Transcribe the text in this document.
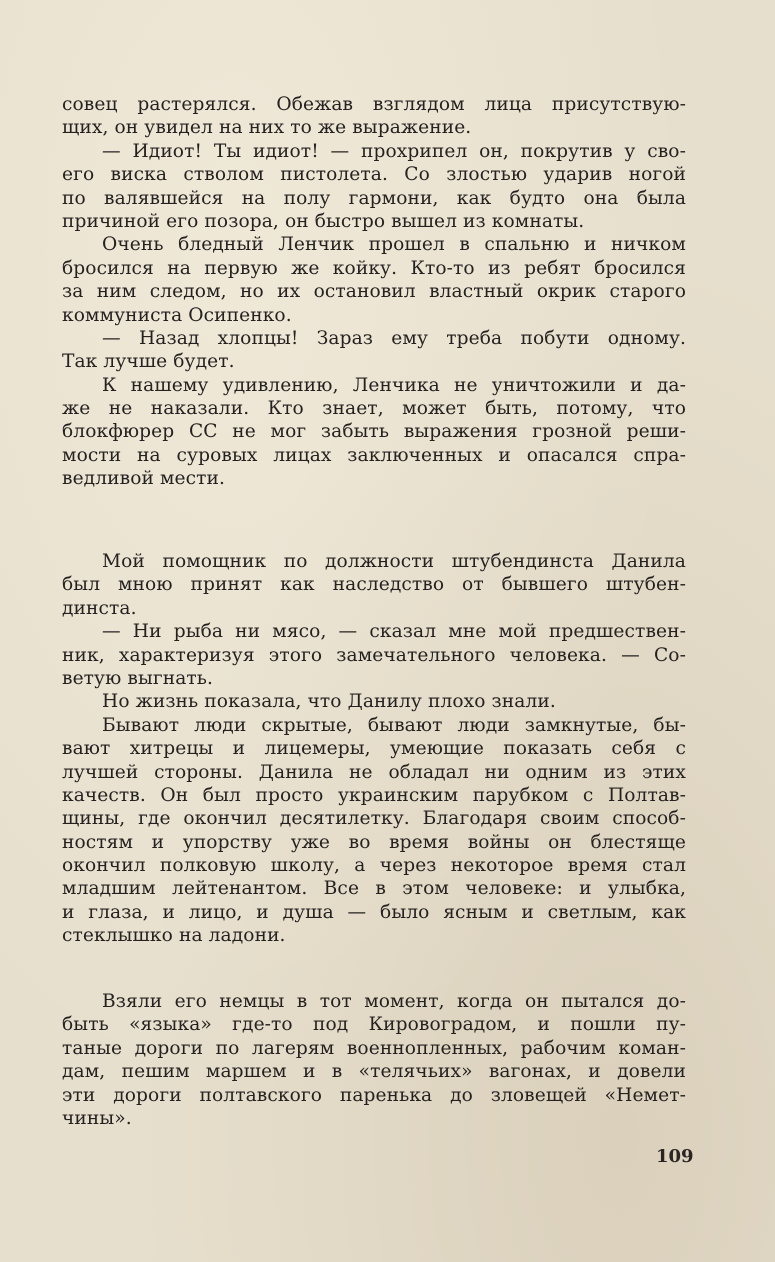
совец растерялся. Обежав взглядом лица присутствую-
щих, он увидел на них то же выражение.
— Идиот! Ты идиот! — прохрипел он, покрутив у сво-
его виска стволом пистолета. Со злостью ударив ногой
по валявшейся на полу гармони, как будто она была
причиной его позора, он быстро вышел из комнаты.
Очень бледный Ленчик прошел в спальню и ничком
бросился на первую же койку. Кто-то из ребят бросился
за ним следом, но их остановил властный окрик старого
коммуниста Осипенко.
— Назад хлопцы! Зараз ему треба побути одному.
Так лучше будет.
К нашему удивлению, Ленчика не уничтожили и да-
же не наказали. Кто знает, может быть, потому, что
блокфюрер СС не мог забыть выражения грозной реши-
мости на суровых лицах заключенных и опасался спра-
ведливой мести.
Мой помощник по должности штубендинста Данила
был мною принят как наследство от бывшего штубен-
динста.
— Ни рыба ни мясо, — сказал мне мой предшествен-
ник, характеризуя этого замечательного человека. — Со-
ветую выгнать.
Но жизнь показала, что Данилу плохо знали.
Бывают люди скрытые, бывают люди замкнутые, бы-
вают хитрецы и лицемеры, умеющие показать себя с
лучшей стороны. Данила не обладал ни одним из этих
качеств. Он был просто украинским парубком с Полтав-
щины, где окончил десятилетку. Благодаря своим способ-
ностям и упорству уже во время войны он блестяще
окончил полковую школу, а через некоторое время стал
младшим лейтенантом. Все в этом человеке: и улыбка,
и глаза, и лицо, и душа — было ясным и светлым, как
стеклышко на ладони.
Взяли его немцы в тот момент, когда он пытался до-
быть «языка» где-то под Кировоградом, и пошли пу-
таные дороги по лагерям военнопленных, рабочим коман-
дам, пешим маршем и в «телячьих» вагонах, и довели
эти дороги полтавского паренька до зловещей «Немет-
чины».
109
